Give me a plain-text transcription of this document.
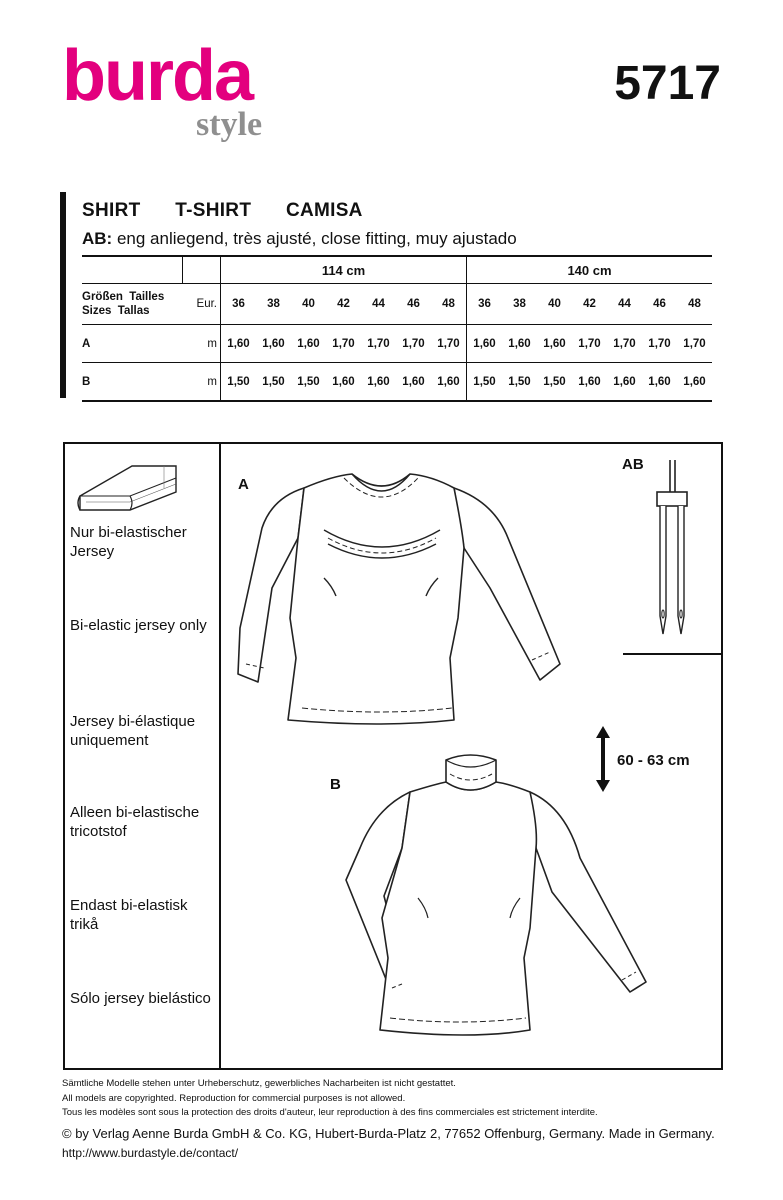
burda
style
5717
SHIRT   T-SHIRT   CAMISA
AB: eng anliegend, très ajusté, close fitting, muy ajustado
		114 cm							140 cm						
Größen  Tailles
Sizes  Tallas	Eur.	36	38	40	42	44	46	48	36	38	40	42	44	46	48
A	m	1,60	1,60	1,60	1,70	1,70	1,70	1,70	1,60	1,60	1,60	1,70	1,70	1,70	1,70
B	m	1,50	1,50	1,50	1,60	1,60	1,60	1,60	1,50	1,50	1,50	1,60	1,60	1,60	1,60
Nur bi-elastischer Jersey
Bi-elastic jersey only
Jersey bi-élastique uniquement
Alleen bi-elastische tricotstof
Endast bi-elastisk trikå
Sólo jersey bielástico
A
B
AB
60 - 63 cm
Sämtliche Modelle stehen unter Urheberschutz, gewerbliches Nacharbeiten ist nicht gestattet.
All models are copyrighted. Reproduction for commercial purposes is not allowed.
Tous les modèles sont sous la protection des droits d'auteur, leur reproduction à des fins commerciales est strictement interdite.
© by Verlag Aenne Burda GmbH & Co. KG, Hubert-Burda-Platz 2, 77652 Offenburg, Germany. Made in Germany.
http://www.burdastyle.de/contact/
